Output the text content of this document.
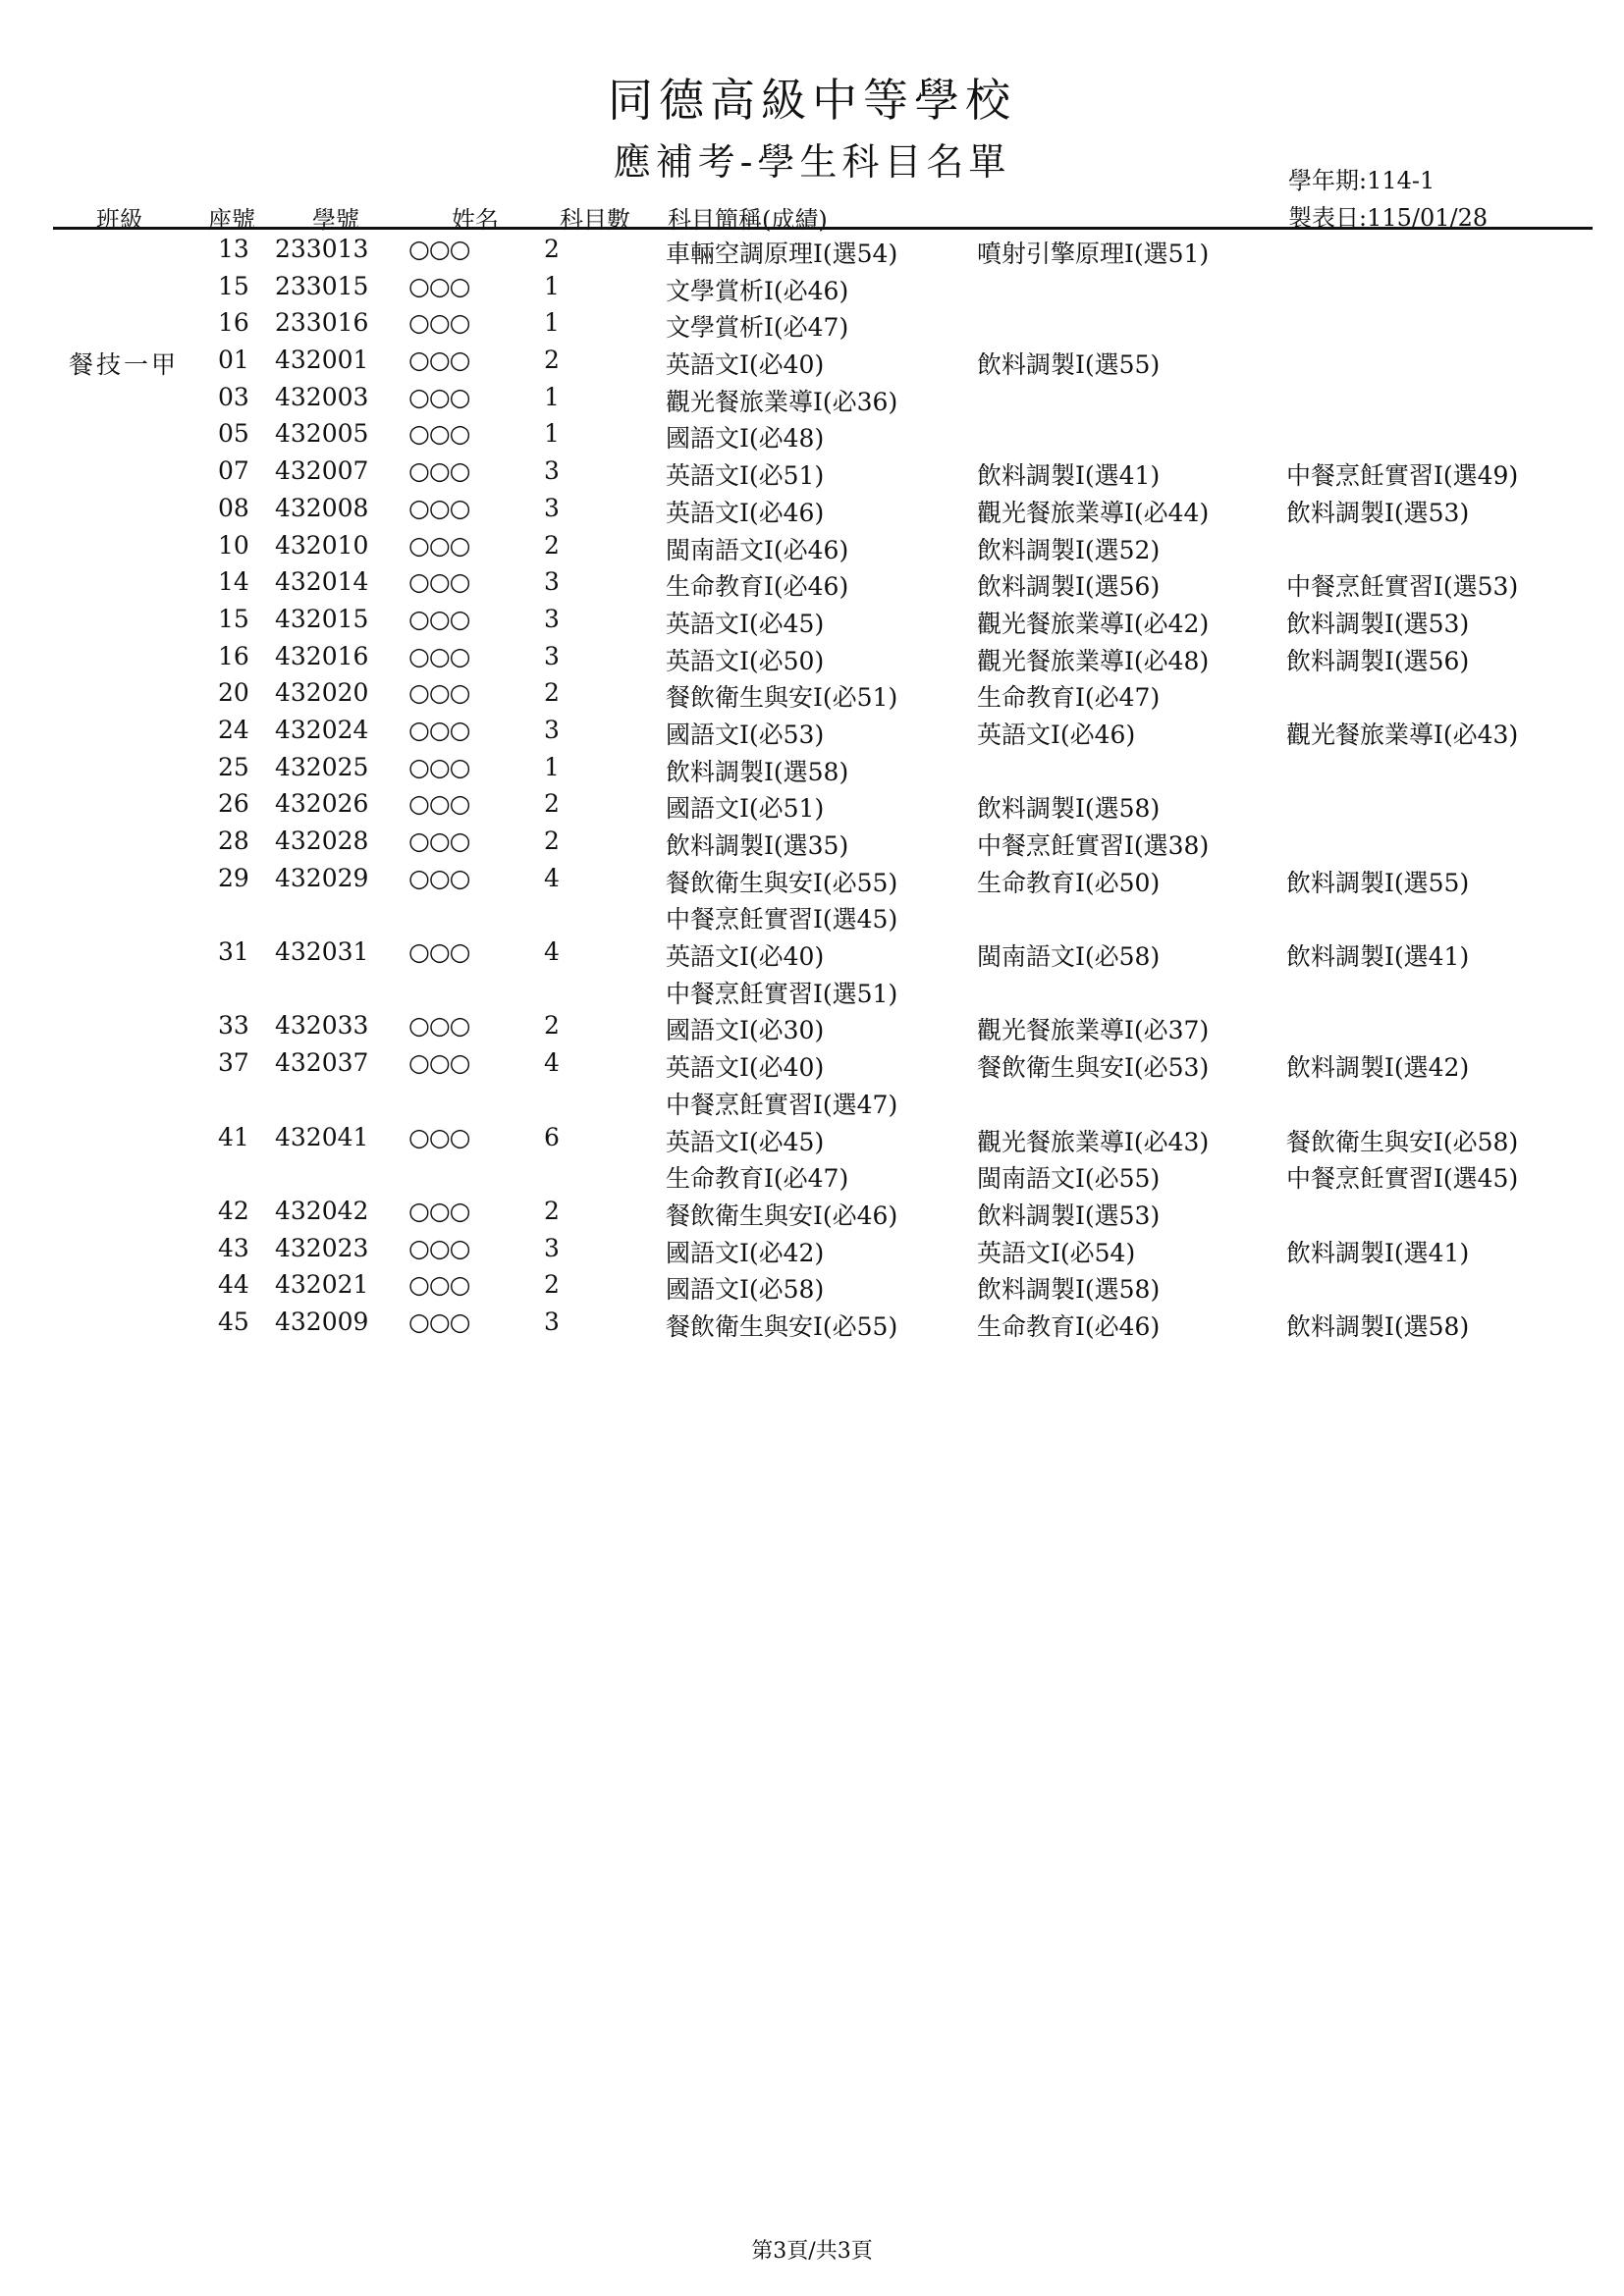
同德高級中等學校
應補考-學生科目名單	學年期:114-1
製表日:115/01/28
班級	座號 學號	姓名	科目數 科目簡稱(成績)
13 233013 ○○○	2	車輛空調原理Ⅰ(選54)	噴射引擎原理Ⅰ(選51)
15 233015 ○○○	1	文學賞析Ⅰ(必46)
16 233016 ○○○	1	文學賞析Ⅰ(必47)
餐技一甲 01 432001 ○○○	2	英語文Ⅰ(必40)	飲料調製Ⅰ(選55)
03 432003 ○○○	1	觀光餐旅業導Ⅰ(必36)
05 432005 ○○○	1	國語文Ⅰ(必48)
07 432007 ○○○	3	英語文Ⅰ(必51)	飲料調製Ⅰ(選41)	中餐烹飪實習Ⅰ(選49)
08 432008 ○○○	3	英語文Ⅰ(必46)	觀光餐旅業導Ⅰ(必44)	飲料調製Ⅰ(選53)
10 432010 ○○○	2	閩南語文Ⅰ(必46)	飲料調製Ⅰ(選52)
14 432014 ○○○	3	生命教育Ⅰ(必46)	飲料調製Ⅰ(選56)	中餐烹飪實習Ⅰ(選53)
15 432015 ○○○	3	英語文Ⅰ(必45)	觀光餐旅業導Ⅰ(必42)	飲料調製Ⅰ(選53)
16 432016 ○○○	3	英語文Ⅰ(必50)	觀光餐旅業導Ⅰ(必48)	飲料調製Ⅰ(選56)
20 432020 ○○○	2	餐飲衛生與安Ⅰ(必51)	生命教育Ⅰ(必47)
24 432024 ○○○	3	國語文Ⅰ(必53)	英語文Ⅰ(必46)	觀光餐旅業導Ⅰ(必43)
25 432025 ○○○	1	飲料調製Ⅰ(選58)
26 432026 ○○○	2	國語文Ⅰ(必51)	飲料調製Ⅰ(選58)
28 432028 ○○○	2	飲料調製Ⅰ(選35)	中餐烹飪實習Ⅰ(選38)
29 432029 ○○○	4	餐飲衛生與安Ⅰ(必55)	生命教育Ⅰ(必50)	飲料調製Ⅰ(選55)
中餐烹飪實習Ⅰ(選45)
31 432031 ○○○	4	英語文Ⅰ(必40)	閩南語文Ⅰ(必58)	飲料調製Ⅰ(選41)
中餐烹飪實習Ⅰ(選51)
33 432033 ○○○	2	國語文Ⅰ(必30)	觀光餐旅業導Ⅰ(必37)
37 432037 ○○○	4	英語文Ⅰ(必40)	餐飲衛生與安Ⅰ(必53)	飲料調製Ⅰ(選42)
中餐烹飪實習Ⅰ(選47)
41 432041 ○○○	6	英語文Ⅰ(必45)	觀光餐旅業導Ⅰ(必43)	餐飲衛生與安Ⅰ(必58)
生命教育Ⅰ(必47)	閩南語文Ⅰ(必55)	中餐烹飪實習Ⅰ(選45)
42 432042 ○○○	2	餐飲衛生與安Ⅰ(必46)	飲料調製Ⅰ(選53)
43 432023 ○○○	3	國語文Ⅰ(必42)	英語文Ⅰ(必54)	飲料調製Ⅰ(選41)
44 432021 ○○○	2	國語文Ⅰ(必58)	飲料調製Ⅰ(選58)
45 432009 ○○○	3	餐飲衛生與安Ⅰ(必55)	生命教育Ⅰ(必46)	飲料調製Ⅰ(選58)
第3頁/共3頁
